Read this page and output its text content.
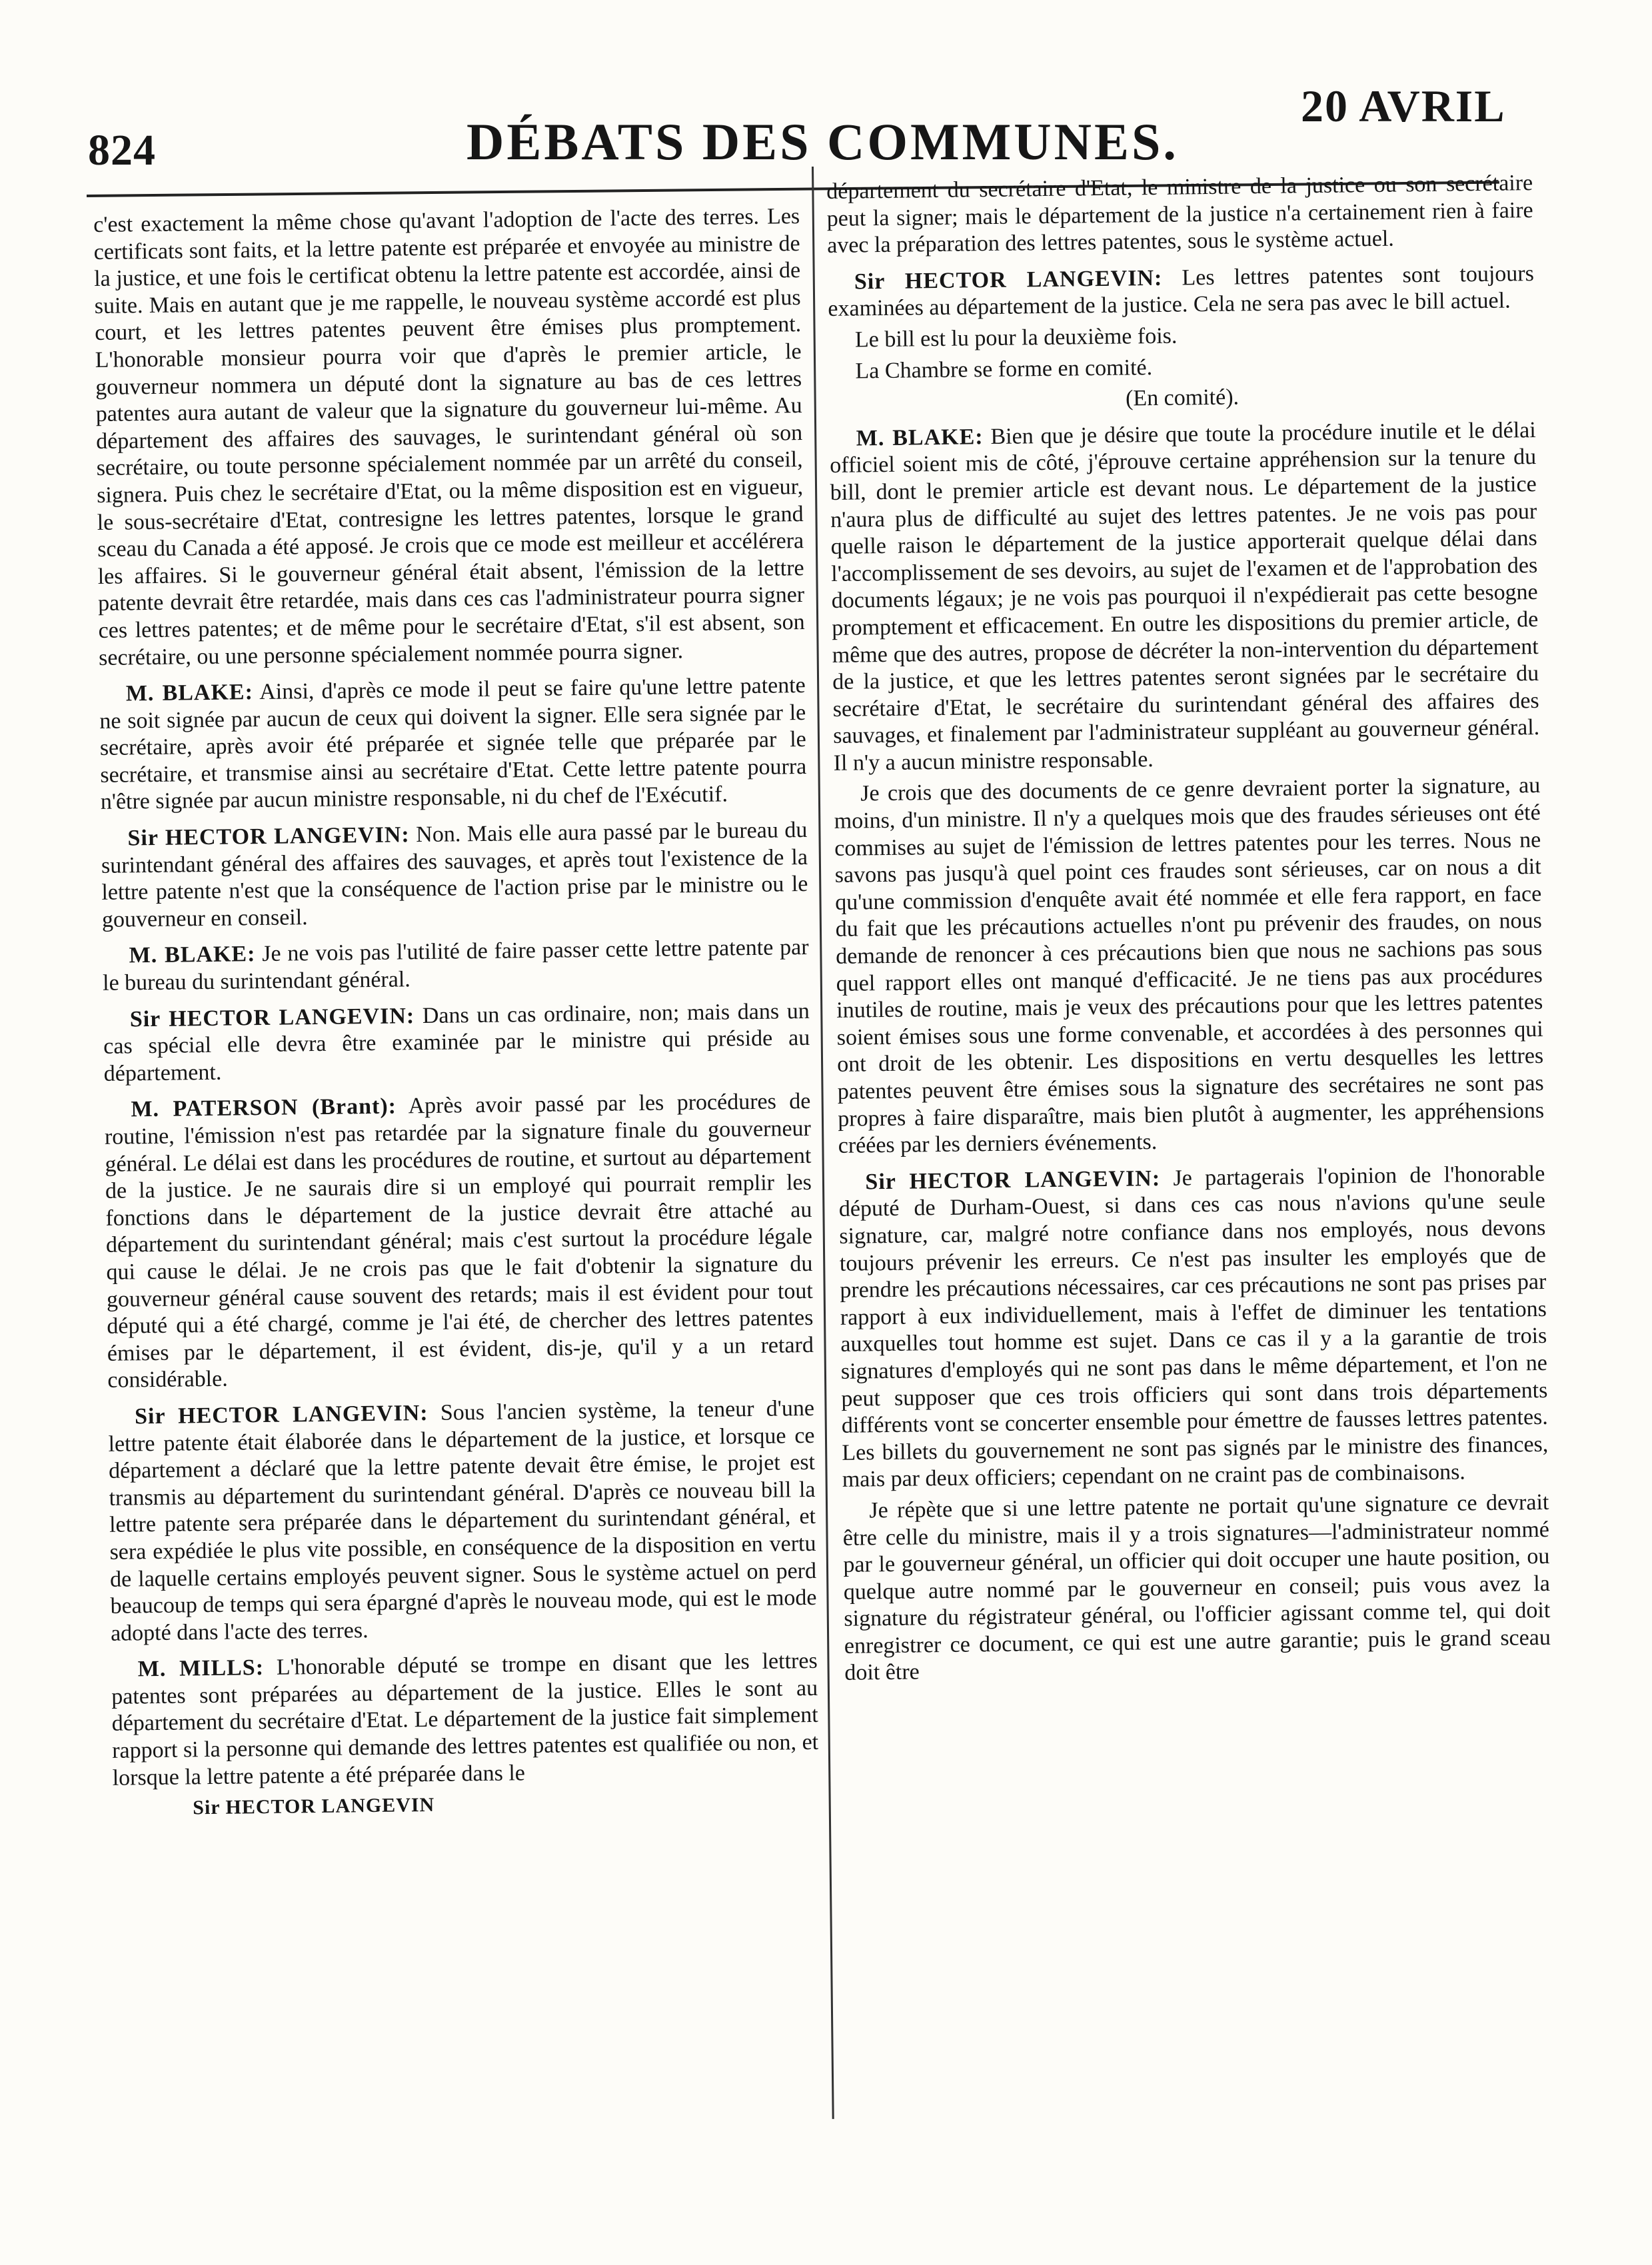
824	DÉBATS DES COMMUNES.
20 AVRIL

c'est exactement la même chose qu'avant l'adoption de l'acte des terres. Les certificats sont faits, et la lettre patente est préparée et envoyée au ministre de la justice, et une fois le certificat obtenu la lettre patente est accordée, ainsi de suite. Mais en autant que je me rappelle, le nouveau système accordé est plus court, et les lettres patentes peuvent être émises plus promptement. L'honorable monsieur pourra voir que d'après le premier article, le gouverneur nommera un député dont la signature au bas de ces lettres patentes aura autant de valeur que la signature du gouverneur lui-même. Au département des affaires des sauvages, le surintendant général où son secrétaire, ou toute personne spécialement nommée par un arrêté du conseil, signera. Puis chez le secrétaire d'Etat, ou la même disposition est en vigueur, le sous-secrétaire d'Etat, contresigne les lettres patentes, lorsque le grand sceau du Canada a été apposé. Je crois que ce mode est meilleur et accélérera les affaires. Si le gouverneur général était absent, l'émission de la lettre patente devrait être retardée, mais dans ces cas l'administrateur pourra signer ces lettres patentes; et de même pour le secrétaire d'Etat, s'il est absent, son secrétaire, ou une personne spécialement nommée pourra signer.

M. BLAKE: Ainsi, d'après ce mode il peut se faire qu'une lettre patente ne soit signée par aucun de ceux qui doivent la signer. Elle sera signée par le secrétaire, après avoir été préparée et signée telle que préparée par le secrétaire, et transmise ainsi au secrétaire d'Etat. Cette lettre patente pourra n'être signée par aucun ministre responsable, ni du chef de l'Exécutif.

Sir HECTOR LANGEVIN: Non. Mais elle aura passé par le bureau du surintendant général des affaires des sauvages, et après tout l'existence de la lettre patente n'est que la conséquence de l'action prise par le ministre ou le gouverneur en conseil.

M. BLAKE: Je ne vois pas l'utilité de faire passer cette lettre patente par le bureau du surintendant général.

Sir HECTOR LANGEVIN: Dans un cas ordinaire, non; mais dans un cas spécial elle devra être examinée par le ministre qui préside au département.

M. PATERSON (Brant): Après avoir passé par les procédures de routine, l'émission n'est pas retardée par la signature finale du gouverneur général. Le délai est dans les procédures de routine, et surtout au département de la justice. Je ne saurais dire si un employé qui pourrait remplir les fonctions dans le département de la justice devrait être attaché au département du surintendant général; mais c'est surtout la procédure légale qui cause le délai. Je ne crois pas que le fait d'obtenir la signature du gouverneur général cause souvent des retards; mais il est évident pour tout député qui a été chargé, comme je l'ai été, de chercher des lettres patentes émises par le département, il est évident, dis-je, qu'il y a un retard considérable.

Sir HECTOR LANGEVIN: Sous l'ancien système, la teneur d'une lettre patente était élaborée dans le département de la justice, et lorsque ce département a déclaré que la lettre patente devait être émise, le projet est transmis au département du surintendant général. D'après ce nouveau bill la lettre patente sera préparée dans le département du surintendant général, et sera expédiée le plus vite possible, en conséquence de la disposition en vertu de laquelle certains employés peuvent signer. Sous le système actuel on perd beaucoup de temps qui sera épargné d'après le nouveau mode, qui est le mode adopté dans l'acte des terres.

M. MILLS: L'honorable député se trompe en disant que les lettres patentes sont préparées au département de la justice. Elles le sont au département du secrétaire d'Etat. Le département de la justice fait simplement rapport si la personne qui demande des lettres patentes est qualifiée ou non, et lorsque la lettre patente a été préparée dans le

Sir HECTOR LANGEVIN

département du secrétaire d'Etat, le ministre de la justice ou son secrétaire peut la signer; mais le département de la justice n'a certainement rien à faire avec la préparation des lettres patentes, sous le système actuel.

Sir HECTOR LANGEVIN: Les lettres patentes sont toujours examinées au département de la justice. Cela ne sera pas avec le bill actuel.

Le bill est lu pour la deuxième fois.

La Chambre se forme en comité.

(En comité).

M. BLAKE: Bien que je désire que toute la procédure inutile et le délai officiel soient mis de côté, j'éprouve certaine appréhension sur la tenure du bill, dont le premier article est devant nous. Le département de la justice n'aura plus de difficulté au sujet des lettres patentes. Je ne vois pas pour quelle raison le département de la justice apporterait quelque délai dans l'accomplissement de ses devoirs, au sujet de l'examen et de l'approbation des documents légaux; je ne vois pas pourquoi il n'expédierait pas cette besogne promptement et efficacement. En outre les dispositions du premier article, de même que des autres, propose de décréter la non-intervention du département de la justice, et que les lettres patentes seront signées par le secrétaire du secrétaire d'Etat, le secrétaire du surintendant général des affaires des sauvages, et finalement par l'administrateur suppléant au gouverneur général. Il n'y a aucun ministre responsable.

Je crois que des documents de ce genre devraient porter la signature, au moins, d'un ministre. Il n'y a quelques mois que des fraudes sérieuses ont été commises au sujet de l'émission de lettres patentes pour les terres. Nous ne savons pas jusqu'à quel point ces fraudes sont sérieuses, car on nous a dit qu'une commission d'enquête avait été nommée et elle fera rapport, en face du fait que les précautions actuelles n'ont pu prévenir des fraudes, on nous demande de renoncer à ces précautions bien que nous ne sachions pas sous quel rapport elles ont manqué d'efficacité. Je ne tiens pas aux procédures inutiles de routine, mais je veux des précautions pour que les lettres patentes soient émises sous une forme convenable, et accordées à des personnes qui ont droit de les obtenir. Les dispositions en vertu desquelles les lettres patentes peuvent être émises sous la signature des secrétaires ne sont pas propres à faire disparaître, mais bien plutôt à augmenter, les appréhensions créées par les derniers événements.

Sir HECTOR LANGEVIN: Je partagerais l'opinion de l'honorable député de Durham-Ouest, si dans ces cas nous n'avions qu'une seule signature, car, malgré notre confiance dans nos employés, nous devons toujours prévenir les erreurs. Ce n'est pas insulter les employés que de prendre les précautions nécessaires, car ces précautions ne sont pas prises par rapport à eux individuellement, mais à l'effet de diminuer les tentations auxquelles tout homme est sujet. Dans ce cas il y a la garantie de trois signatures d'employés qui ne sont pas dans le même département, et l'on ne peut supposer que ces trois officiers qui sont dans trois départements différents vont se concerter ensemble pour émettre de fausses lettres patentes. Les billets du gouvernement ne sont pas signés par le ministre des finances, mais par deux officiers; cependant on ne craint pas de combinaisons.

Je répète que si une lettre patente ne portait qu'une signature ce devrait être celle du ministre, mais il y a trois signatures—l'administrateur nommé par le gouverneur général, un officier qui doit occuper une haute position, ou quelque autre nommé par le gouverneur en conseil; puis vous avez la signature du régistrateur général, ou l'officier agissant comme tel, qui doit enregistrer ce document, ce qui est une autre garantie; puis le grand sceau doit être
